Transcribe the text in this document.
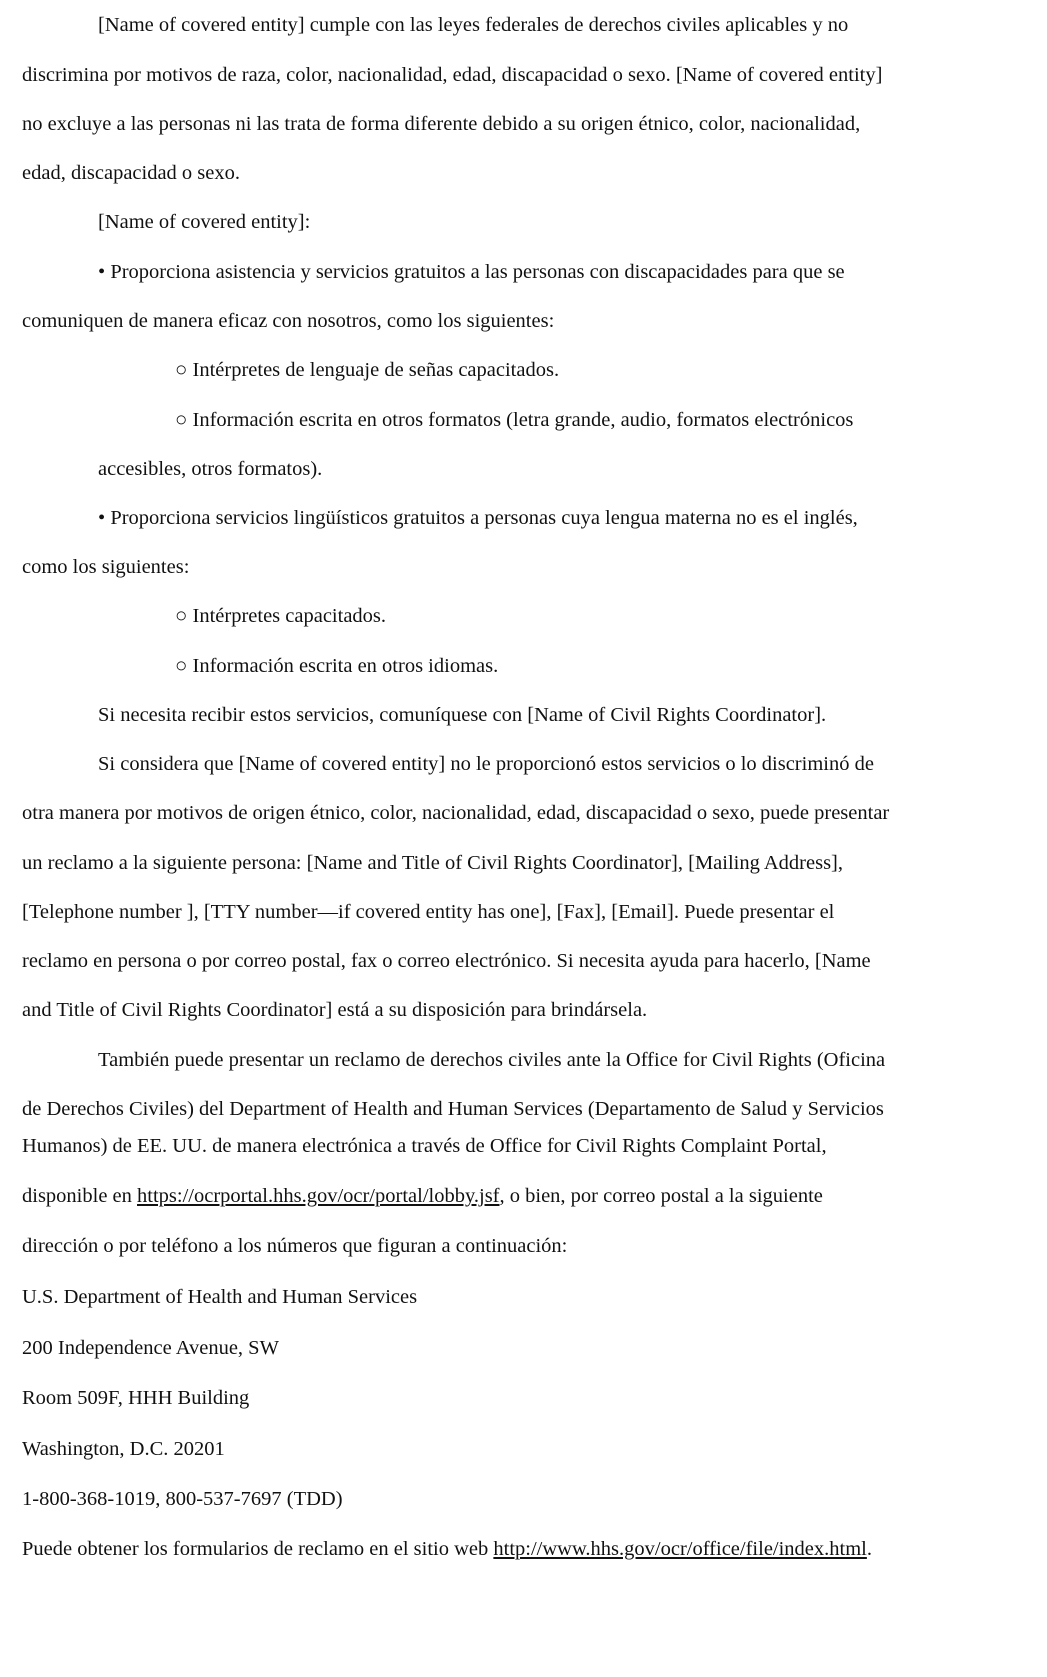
[Name of covered entity] cumple con las leyes federales de derechos civiles aplicables y no
discrimina por motivos de raza, color, nacionalidad, edad, discapacidad o sexo. [Name of covered entity]
no excluye a las personas ni las trata de forma diferente debido a su origen étnico, color, nacionalidad,
edad, discapacidad o sexo.
[Name of covered entity]:
• Proporciona asistencia y servicios gratuitos a las personas con discapacidades para que se
comuniquen de manera eficaz con nosotros, como los siguientes:
○ Intérpretes de lenguaje de señas capacitados.
○ Información escrita en otros formatos (letra grande, audio, formatos electrónicos
accesibles, otros formatos).
• Proporciona servicios lingüísticos gratuitos a personas cuya lengua materna no es el inglés,
como los siguientes:
○ Intérpretes capacitados.
○ Información escrita en otros idiomas.
Si necesita recibir estos servicios, comuníquese con [Name of Civil Rights Coordinator].
Si considera que [Name of covered entity] no le proporcionó estos servicios o lo discriminó de
otra manera por motivos de origen étnico, color, nacionalidad, edad, discapacidad o sexo, puede presentar
un reclamo a la siguiente persona: [Name and Title of Civil Rights Coordinator], [Mailing Address],
[Telephone number ], [TTY number—if covered entity has one], [Fax], [Email]. Puede presentar el
reclamo en persona o por correo postal, fax o correo electrónico. Si necesita ayuda para hacerlo, [Name
and Title of Civil Rights Coordinator] está a su disposición para brindársela.
También puede presentar un reclamo de derechos civiles ante la Office for Civil Rights (Oficina
de Derechos Civiles) del Department of Health and Human Services (Departamento de Salud y Servicios
Humanos) de EE. UU. de manera electrónica a través de Office for Civil Rights Complaint Portal,
disponible en https://ocrportal.hhs.gov/ocr/portal/lobby.jsf, o bien, por correo postal a la siguiente
dirección o por teléfono a los números que figuran a continuación:
U.S. Department of Health and Human Services
200 Independence Avenue, SW
Room 509F, HHH Building
Washington, D.C. 20201
1-800-368-1019, 800-537-7697 (TDD)
Puede obtener los formularios de reclamo en el sitio web http://www.hhs.gov/ocr/office/file/index.html.
